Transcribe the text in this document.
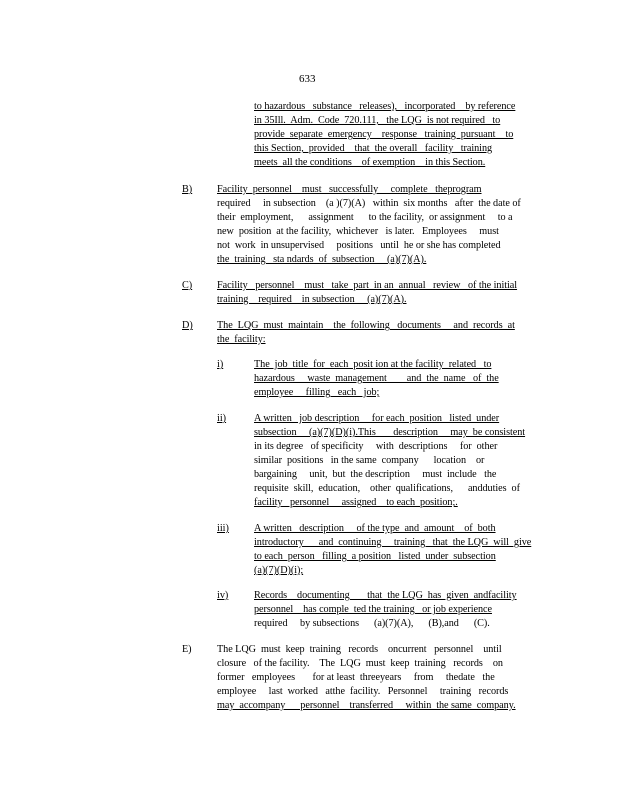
633
to hazardous   substance   releases),   incorporated    by reference
in 35Ill.  Adm.  Code  720.111,   the LQG  is not required   to
provide  separate  emergency    response   training  pursuant    to
this Section,  provided    that  the overall   facility   training
meets  all the conditions    of exemption    in this Section.
B)	Facility  personnel    must   successfully     complete   theprogram
required     in subsection    (a )(7)(A)   within  six months   after  the date of
their  employment,      assignment      to the facility,  or assignment     to a
new  position  at the facility,  whichever   is later.   Employees     must
not  work  in unsupervised     positions   until  he or she has completed
the  training   sta ndards  of  subsection     (a)(7)(A).
C)	Facility   personnel    must   take  part  in an  annual   review   of the initial
training    required    in subsection     (a)(7)(A).
D)	The  LQG  must  maintain    the  following   documents     and  records  at
the  facility:
i)	The  job  title  for  each  posit ion at the facility  related   to
hazardous     waste  management        and  the  name   of  the
employee     filling   each   job;
ii)	A written   job description     for each  position   listed  under
subsection     (a)(7)(D)(i).This       description     may  be consistent
in its degree   of specificity     with  descriptions     for  other
similar  positions   in the same  company      location    or
bargaining     unit,  but  the description     must  include   the
requisite  skill,  education,    other  qualifications,      andduties  of
facility   personnel     assigned    to each  position;.
iii)	A written   description     of the type  and  amount    of  both
introductory      and  continuing     training   that  the LQG  will  give
to each  person   filling  a position   listed  under  subsection
(a)(7)(D)(i);
iv)	Records    documenting       that  the LQG  has  given  andfacility
personnel    has comple  ted the training   or job experience
required     by subsections      (a)(7)(A),      (B),and      (C).
E) The LQG  must  keep  training   records    oncurrent   personnel    until
closure   of the facility.    The  LQG  must  keep  training   records    on
former   employees       for at least  threeyears     from     thedate   the
employee     last  worked   atthe  facility.   Personnel     training   records
may  accompany      personnel    transferred     within  the same  company.
